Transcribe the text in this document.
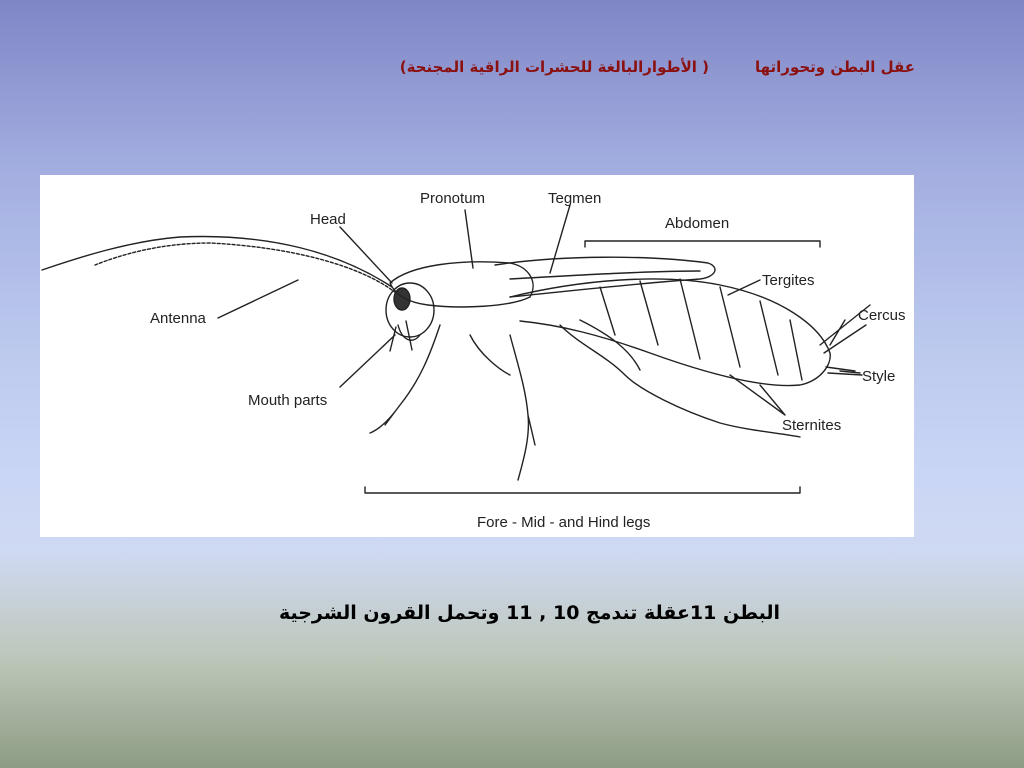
عقل البطن وتحوراتها( الأطوارالبالغة للحشرات الراقية المجنحة)
Head
Pronotum	Tegmen
Abdomen
Antenna
Tergites
Cercus
Style
Mouth parts
Sternites
Fore - Mid - and Hind legs
البطن 11عقلة تندمج 10 , 11 وتحمل القرون الشرجية
